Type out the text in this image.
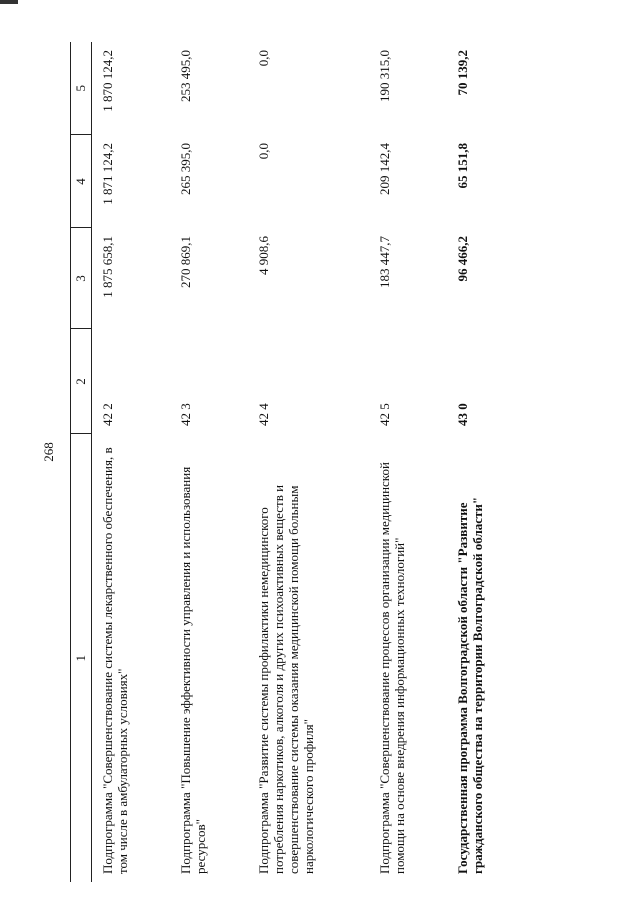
268
1	2	3	4	5
Подпрограмма "Совершенствование системы лекарственного обеспечения, в том числе в амбулаторных условиях"	42 2	1 875 658,1	1 871 124,2	1 870 124,2
Подпрограмма "Повышение эффективности управления и использования ресурсов"	42 3	270 869,1	265 395,0	253 495,0
Подпрограмма "Развитие системы профилактики немедицинского потребления наркотиков, алкоголя и других психоактивных веществ и совершенствование системы оказания медицинской помощи больным наркологического профиля"	42 4	4 908,6	0,0	0,0
Подпрограмма "Совершенствование процессов организации медицинской помощи на основе внедрения информационных технологий"	42 5	183 447,7	209 142,4	190 315,0
Государственная программа Волгоградской области "Развитие гражданского общества на территории Волгоградской области"	43 0	96 466,2	65 151,8	70 139,2
